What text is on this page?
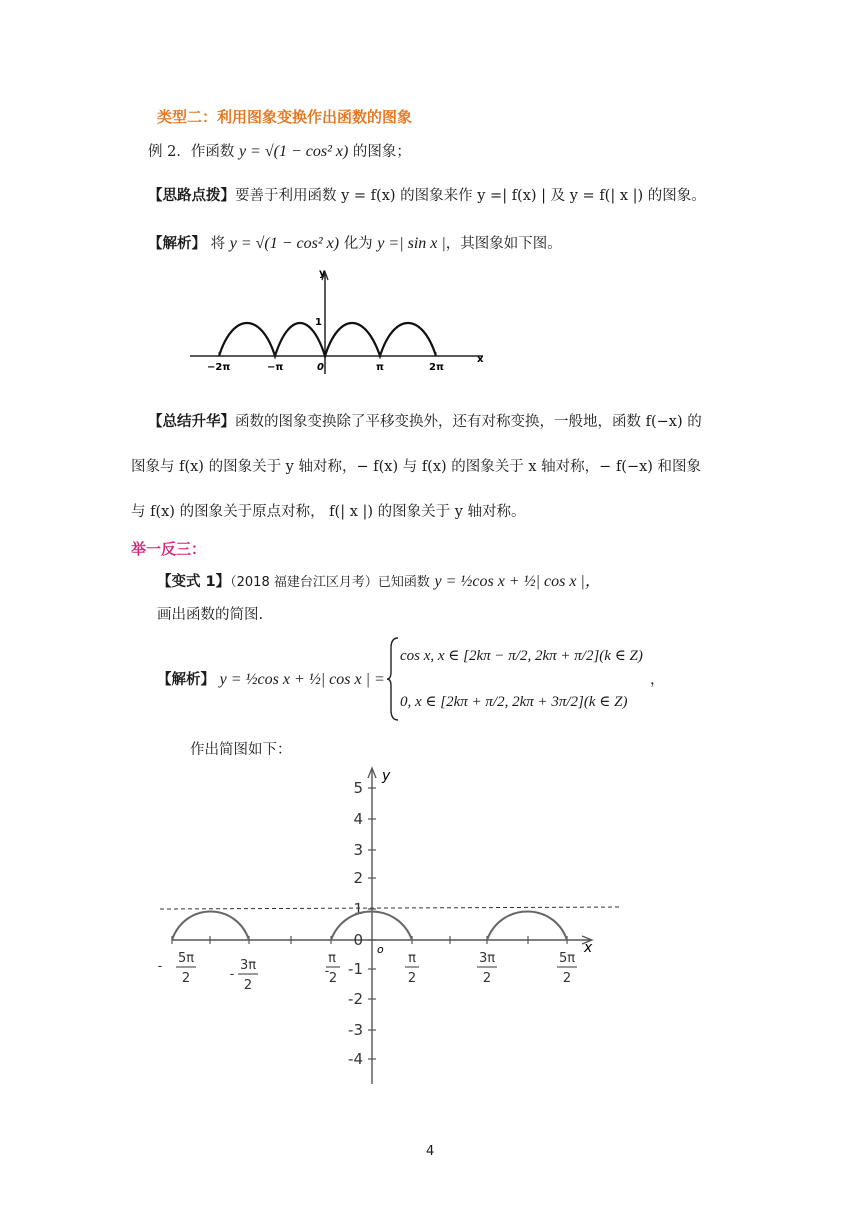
类型二：利用图象变换作出函数的图象
例 2．作函数 y = √(1 − cos² x) 的图象；
【思路点拨】要善于利用函数 y = f(x) 的图象来作 y =| f(x) | 及 y = f(| x |) 的图象。
【解析】 将 y = √(1 − cos² x) 化为 y =| sin x |，其图象如下图。
y
x
1
−2π	−π	0	π	2π
【总结升华】函数的图象变换除了平移变换外，还有对称变换，一般地，函数 f(−x) 的
图象与 f(x) 的图象关于 y 轴对称，− f(x) 与 f(x) 的图象关于 x 轴对称，− f(−x) 和图象
与 f(x) 的图象关于原点对称， f(| x |) 的图象关于 y 轴对称。
举一反三：
【变式 1】（2018 福建台江区月考）已知函数 y = ½cos x + ½| cos x |，
画出函数的简图.
【解析】 y = ½cos x + ½| cos x | =
cos x, x ∈ [2kπ − π/2, 2kπ + π/2](k ∈ Z)
0, x ∈ [2kπ + π/2, 2kπ + 3π/2](k ∈ Z)
，
作出简图如下：
y
x
o
5
4
3
2
1
0
-1
-2
-3
-4
-
5π
2	-
3π
2
-
π
2
π
2
3π
2
5π
2
4
